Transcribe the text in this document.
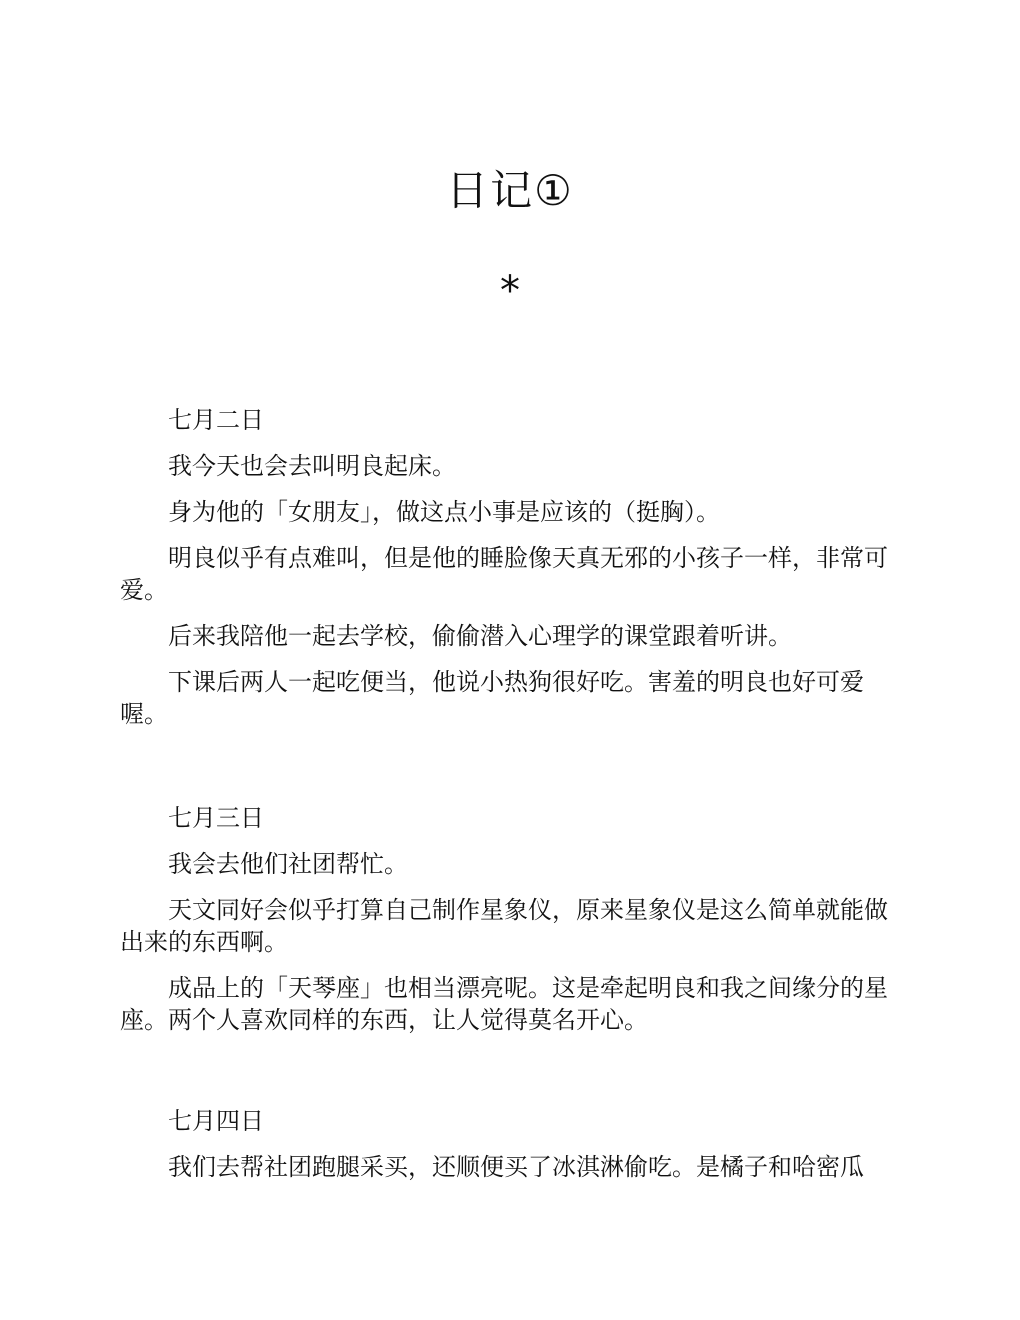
日记①
*

七月二日

我今天也会去叫明良起床。

身为他的「女朋友」，做这点小事是应该的（挺胸）。

明良似乎有点难叫，但是他的睡脸像天真无邪的小孩子一样，非常可爱。

后来我陪他一起去学校，偷偷潜入心理学的课堂跟着听讲。

下课后两人一起吃便当，他说小热狗很好吃。害羞的明良也好可爱喔。

七月三日

我会去他们社团帮忙。

天文同好会似乎打算自己制作星象仪，原来星象仪是这么简单就能做出来的东西啊。

成品上的「天琴座」也相当漂亮呢。这是牵起明良和我之间缘分的星座。两个人喜欢同样的东西，让人觉得莫名开心。

七月四日

我们去帮社团跑腿采买，还顺便买了冰淇淋偷吃。是橘子和哈密瓜
